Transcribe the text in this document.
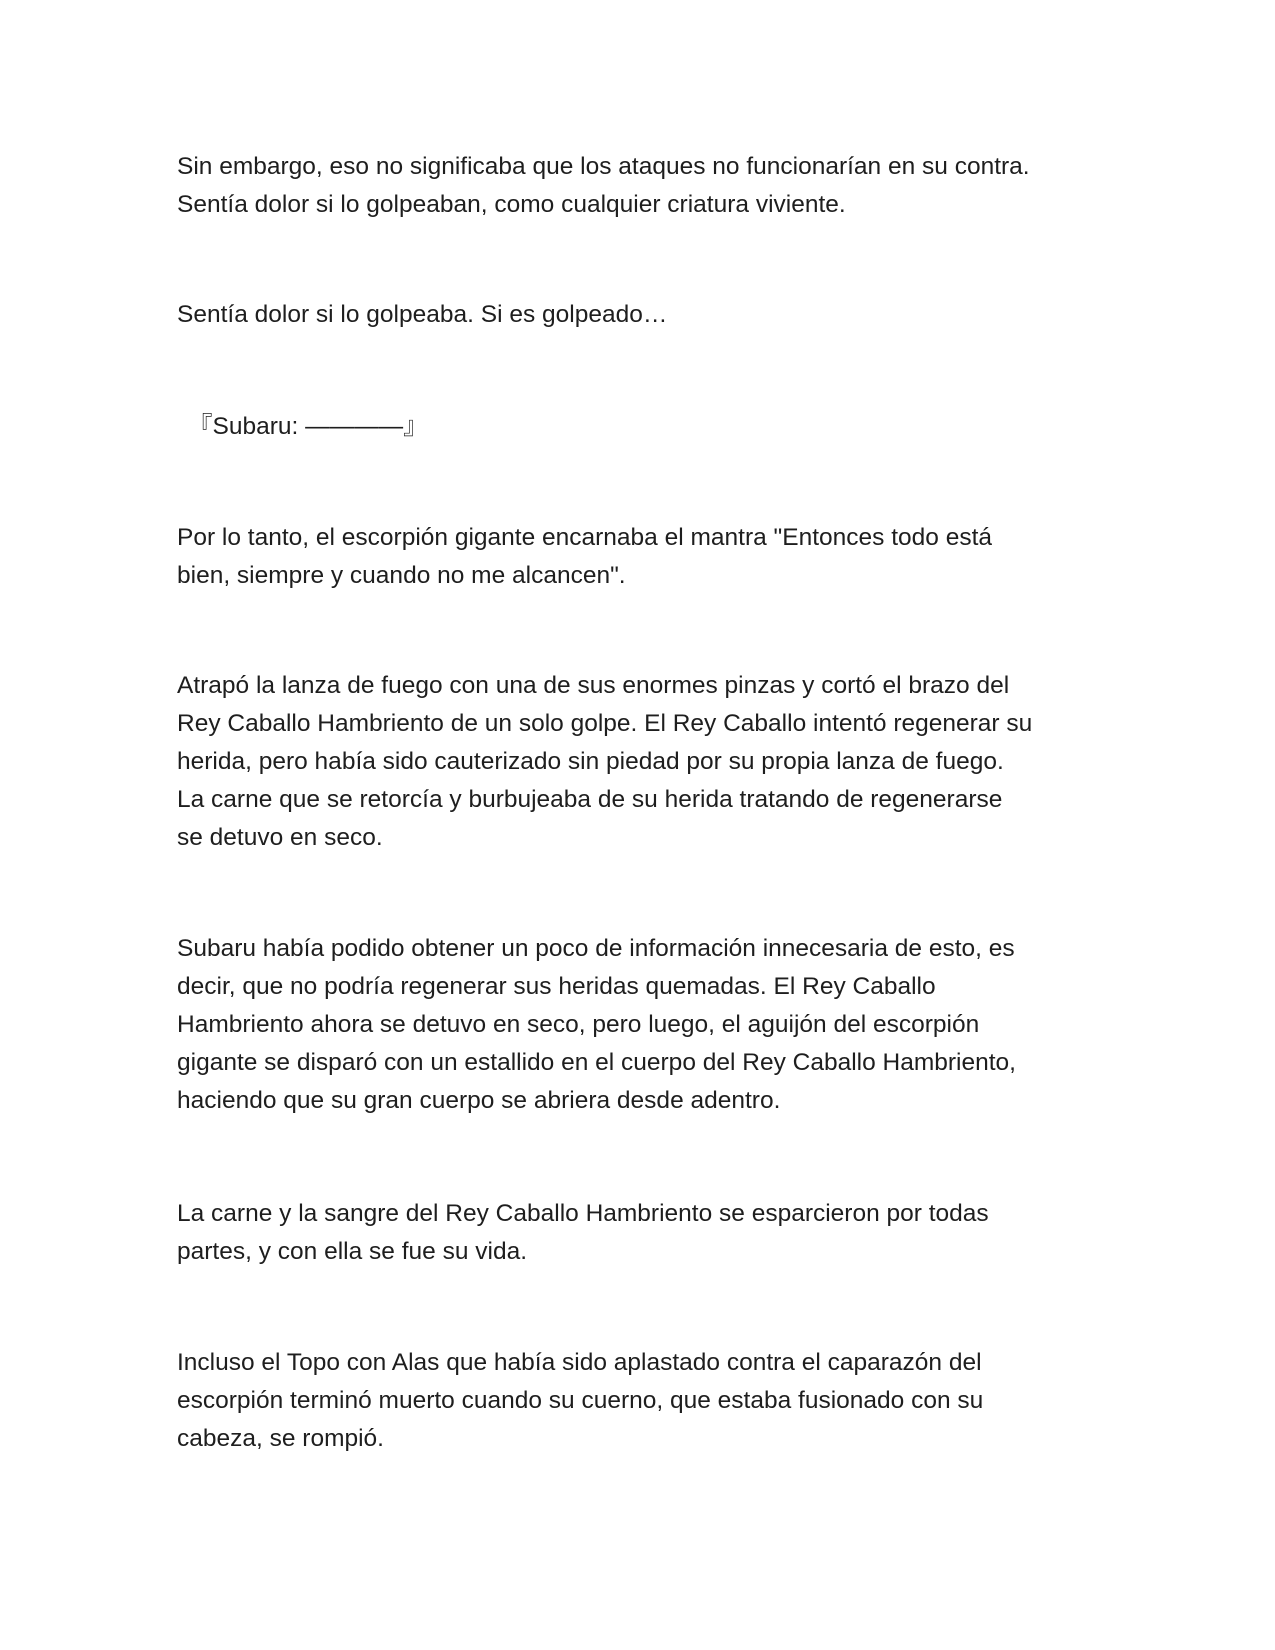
Sin embargo, eso no significaba que los ataques no funcionarían en su contra.
Sentía dolor si lo golpeaban, como cualquier criatura viviente.

Sentía dolor si lo golpeaba. Si es golpeado…

『Subaru: ————』

Por lo tanto, el escorpión gigante encarnaba el mantra "Entonces todo está
bien, siempre y cuando no me alcancen".

Atrapó la lanza de fuego con una de sus enormes pinzas y cortó el brazo del
Rey Caballo Hambriento de un solo golpe. El Rey Caballo intentó regenerar su
herida, pero había sido cauterizado sin piedad por su propia lanza de fuego.
La carne que se retorcía y burbujeaba de su herida tratando de regenerarse
se detuvo en seco.

Subaru había podido obtener un poco de información innecesaria de esto, es
decir, que no podría regenerar sus heridas quemadas. El Rey Caballo
Hambriento ahora se detuvo en seco, pero luego, el aguijón del escorpión
gigante se disparó con un estallido en el cuerpo del Rey Caballo Hambriento,
haciendo que su gran cuerpo se abriera desde adentro.

La carne y la sangre del Rey Caballo Hambriento se esparcieron por todas
partes, y con ella se fue su vida.

Incluso el Topo con Alas que había sido aplastado contra el caparazón del
escorpión terminó muerto cuando su cuerno, que estaba fusionado con su
cabeza, se rompió.
